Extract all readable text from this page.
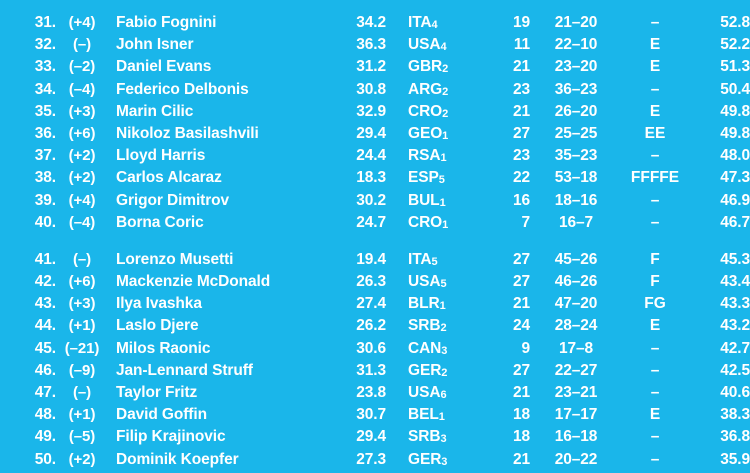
31. (+4)	Fabio Fognini	34.2	ITA4	19	21–20	–	52.8
32.	(–)	John Isner	36.3	USA4	11	22–10	E	52.2
33. (–2)	Daniel Evans	31.2	GBR2	21	23–20	E	51.3
34. (–4)	Federico Delbonis	30.8	ARG2	23	36–23	–	50.4
35. (+3)	Marin Cilic	32.9	CRO2	21	26–20	E	49.8
36. (+6)	Nikoloz Basilashvili	29.4	GEO1	27	25–25	EE	49.8
37. (+2)	Lloyd Harris	24.4	RSA1	23	35–23	–	48.0
38. (+2)	Carlos Alcaraz	18.3	ESP5	22	53–18	FFFFE	47.3
39. (+4)	Grigor Dimitrov	30.2	BUL1	16	18–16	–	46.9
40. (–4)	Borna Coric	24.7	CRO1	7	16–7	–	46.7
41.	(–)	Lorenzo Musetti	19.4	ITA5	27	45–26	F	45.3
42. (+6)	Mackenzie McDonald	26.3	USA5	27	46–26	F	43.4
43. (+3)	Ilya Ivashka	27.4	BLR1	21	47–20	FG	43.3
44. (+1)	Laslo Djere	26.2	SRB2	24	28–24	E	43.2
45. (–21)	Milos Raonic	30.6	CAN3	9	17–8	–	42.7
46. (–9)	Jan-Lennard Struff	31.3	GER2	27	22–27	–	42.5
47.	(–)	Taylor Fritz	23.8	USA6	21	23–21	–	40.6
48. (+1)	David Goffin	30.7	BEL1	18	17–17	E	38.3
49. (–5)	Filip Krajinovic	29.4	SRB3	18	16–18	–	36.8
50. (+2)	Dominik Koepfer	27.3	GER3	21	20–22	–	35.9
